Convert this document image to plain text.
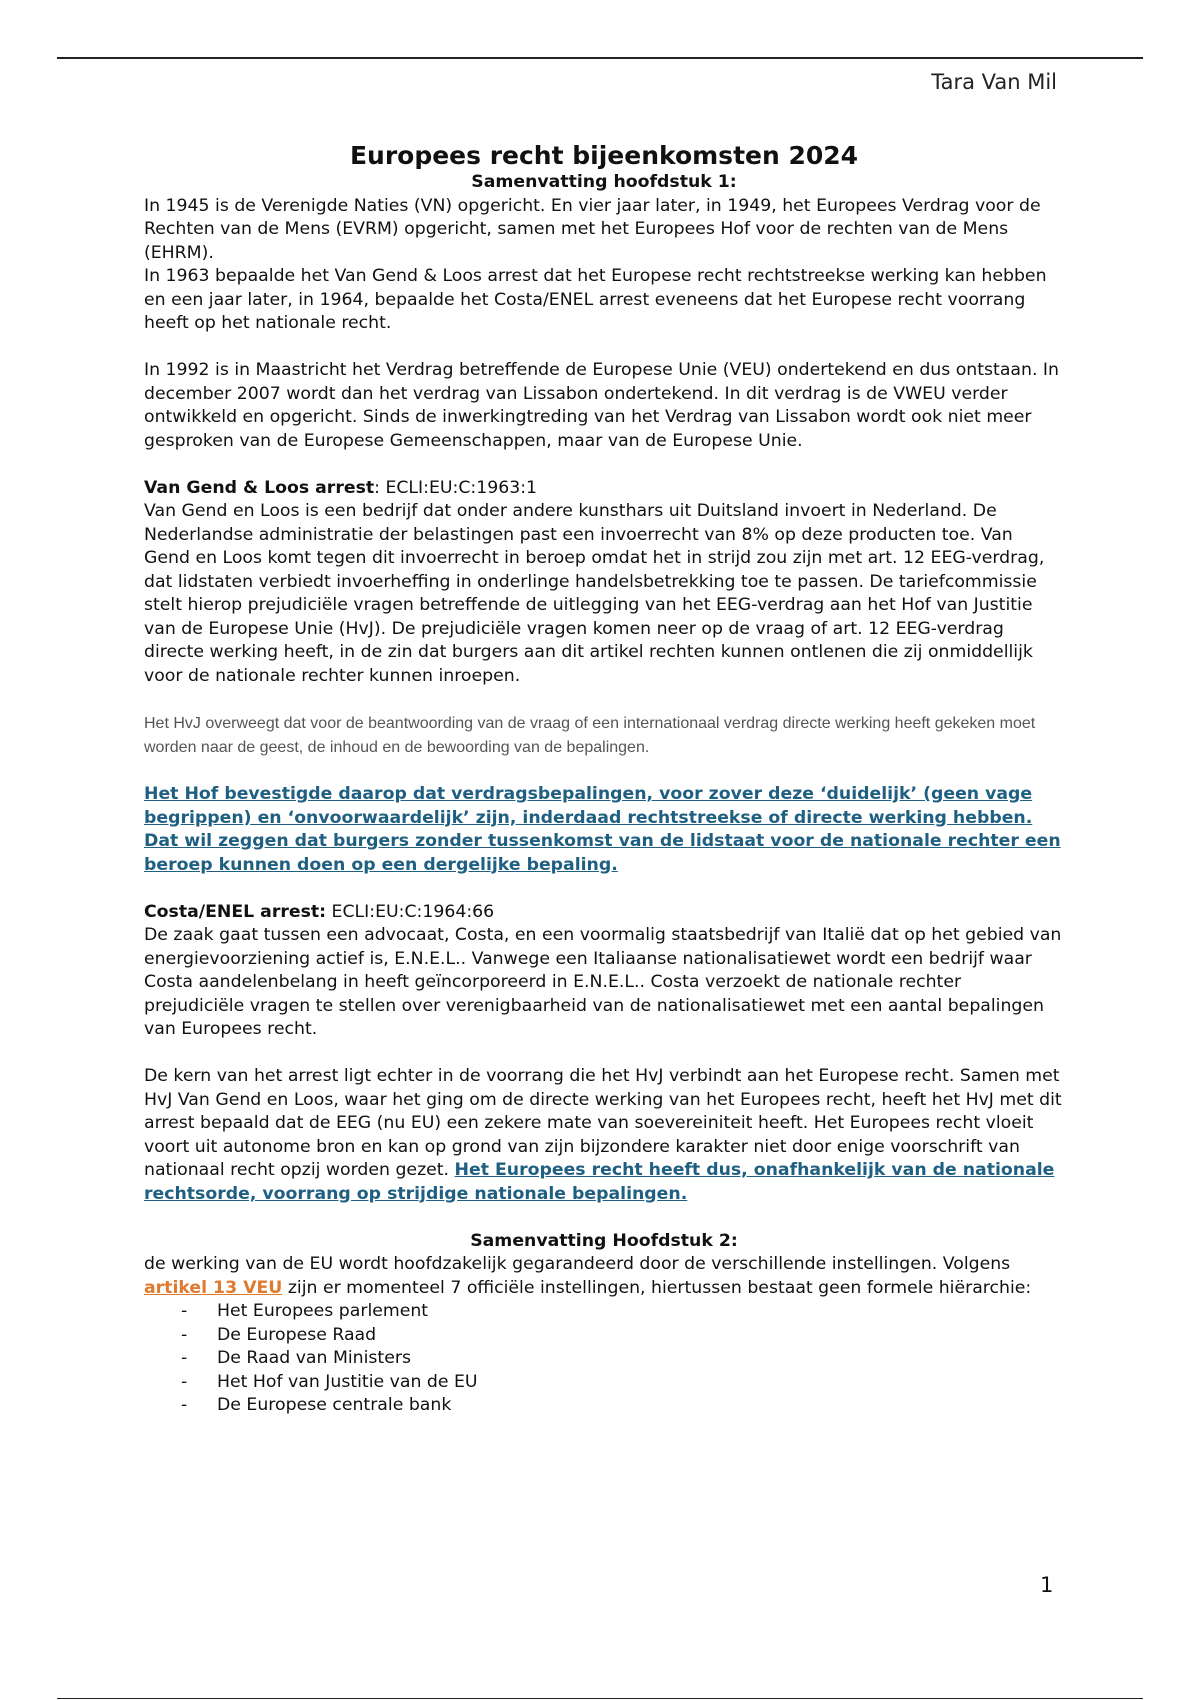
Tara Van Mil
Europees recht bijeenkomsten 2024

Samenvatting hoofdstuk 1:

In 1945 is de Verenigde Naties (VN) opgericht. En vier jaar later, in 1949, het Europees Verdrag voor de Rechten van de Mens (EVRM) opgericht, samen met het Europees Hof voor de rechten van de Mens (EHRM).

In 1963 bepaalde het Van Gend & Loos arrest dat het Europese recht rechtstreekse werking kan hebben en een jaar later, in 1964, bepaalde het Costa/ENEL arrest eveneens dat het Europese recht voorrang heeft op het nationale recht.

In 1992 is in Maastricht het Verdrag betreffende de Europese Unie (VEU) ondertekend en dus ontstaan. In december 2007 wordt dan het verdrag van Lissabon ondertekend. In dit verdrag is de VWEU verder ontwikkeld en opgericht. Sinds de inwerkingtreding van het Verdrag van Lissabon wordt ook niet meer gesproken van de Europese Gemeenschappen, maar van de Europese Unie.

Van Gend & Loos arrest: ECLI:EU:C:1963:1

Van Gend en Loos is een bedrijf dat onder andere kunsthars uit Duitsland invoert in Nederland. De Nederlandse administratie der belastingen past een invoerrecht van 8% op deze producten toe. Van Gend en Loos komt tegen dit invoerrecht in beroep omdat het in strijd zou zijn met art. 12 EEG-verdrag, dat lidstaten verbiedt invoerheffing in onderlinge handelsbetrekking toe te passen. De tariefcommissie stelt hierop prejudiciële vragen betreffende de uitlegging van het EEG-verdrag aan het Hof van Justitie van de Europese Unie (HvJ). De prejudiciële vragen komen neer op de vraag of art. 12 EEG-verdrag directe werking heeft, in de zin dat burgers aan dit artikel rechten kunnen ontlenen die zij onmiddellijk voor de nationale rechter kunnen inroepen.

Het HvJ overweegt dat voor de beantwoording van de vraag of een internationaal verdrag directe werking heeft gekeken moet worden naar de geest, de inhoud en de bewoording van de bepalingen.

Het Hof bevestigde daarop dat verdragsbepalingen, voor zover deze ‘duidelijk’ (geen vage begrippen) en ‘onvoorwaardelijk’ zijn, inderdaad rechtstreekse of directe werking hebben. Dat wil zeggen dat burgers zonder tussenkomst van de lidstaat voor de nationale rechter een beroep kunnen doen op een dergelijke bepaling.

Costa/ENEL arrest: ECLI:EU:C:1964:66

De zaak gaat tussen een advocaat, Costa, en een voormalig staatsbedrijf van Italië dat op het gebied van energievoorziening actief is, E.N.E.L.. Vanwege een Italiaanse nationalisatiewet wordt een bedrijf waar Costa aandelenbelang in heeft geïncorporeerd in E.N.E.L.. Costa verzoekt de nationale rechter prejudiciële vragen te stellen over verenigbaarheid van de nationalisatiewet met een aantal bepalingen van Europees recht.

De kern van het arrest ligt echter in de voorrang die het HvJ verbindt aan het Europese recht. Samen met HvJ Van Gend en Loos, waar het ging om de directe werking van het Europees recht, heeft het HvJ met dit arrest bepaald dat de EEG (nu EU) een zekere mate van soevereiniteit heeft. Het Europees recht vloeit voort uit autonome bron en kan op grond van zijn bijzondere karakter niet door enige voorschrift van nationaal recht opzij worden gezet. Het Europees recht heeft dus, onafhankelijk van de nationale rechtsorde, voorrang op strijdige nationale bepalingen.

Samenvatting Hoofdstuk 2:

de werking van de EU wordt hoofdzakelijk gegarandeerd door de verschillende instellingen. Volgens artikel 13 VEU zijn er momenteel 7 officiële instellingen, hiertussen bestaat geen formele hiërarchie:

- Het Europees parlement
- De Europese Raad
- De Raad van Ministers
- Het Hof van Justitie van de EU
- De Europese centrale bank
1
